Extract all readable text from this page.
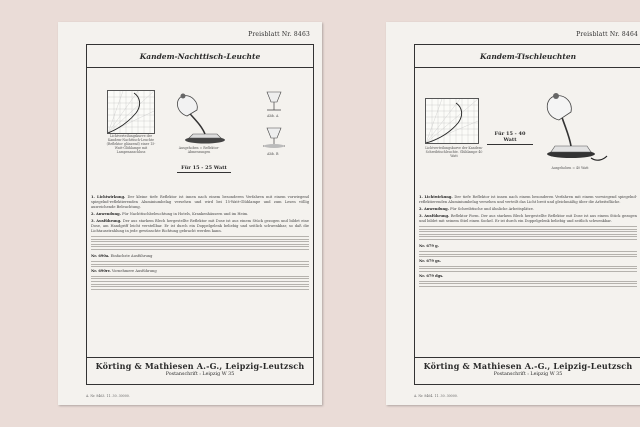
Preisblatt Nr. 8463
Kandem-Nachttisch-Leuchte
Lichtverteilungskurve der Kandem-Nachttisch-Leuchte (Reflektor glänzend) einer 15-Watt-Glühlampe mit Lampenanschluss
Ausgehoben = Reflektor-Abmessungen
Abb. A
Abb. B
Für 15 - 25 Watt
1. Lichtwirkung. Der kleine tiefe Reflektor ist innen nach einem besonderen Verfahren mit einem vorwiegend spiegelnd-reflektierenden Aluminiumbelag versehen und wird bei 15-Watt-Glühlampe und zum Lesen völlig ausreichende Beleuchtung.
2. Anwendung. Für Nachttischbeleuchtung in Hotels, Krankenhäusern und im Heim.
3. Ausführung. Der aus starkem Blech hergestellte Reflektor mit Dose ist aus einem Stück gezogen und bildet eine Dose, am Handgriff leicht verstellbar. Er ist durch ein Doppelgelenk beliebig und seitlich schwenkbar, so daß die Lichtausstrahlung in jede gewünschte Richtung gebracht werden kann.
Nr. 690a. Einfachste Ausführung
Nr. 690rv. Vornehmere Ausführung
Körting & Mathiesen A.-G., Leipzig-Leutzsch
Postanschrift : Leipzig W 35
A. Nr. 8463. 11. 30. 30000.
Preisblatt Nr. 8464
Kandem-Tischleuchten
Lichtverteilungskurve der Kandem-Schreibtischleuchte. Glühlampe 40 Watt
Für 15 - 40 Watt
Ausgehoben = 40 Watt
1. Lichtwirkung. Der tiefe Reflektor ist innen nach einem besonderen Verfahren mit einem vorwiegend spiegelnd-reflektierenden Aluminiumbelag versehen und verteilt das Licht breit und gleichmäßig über die Arbeitsfläche.
2. Anwendung. Für Schreibtische und ähnliche Arbeitsplätze.
3. Ausführung. Reflektor Form. Der aus starkem Blech hergestellte Reflektor mit Dose ist aus einem Stück gezogen und bildet mit seinem Stiel einen Sockel. Er ist durch ein Doppelgelenk beliebig und seitlich schwenkbar.
Nr. 679 g.
Nr. 679 gs.
Nr. 679 dgs.
Körting & Mathiesen A.-G., Leipzig-Leutzsch
Postanschrift : Leipzig W 35
A. Nr. 8464. 11. 30. 30000.
